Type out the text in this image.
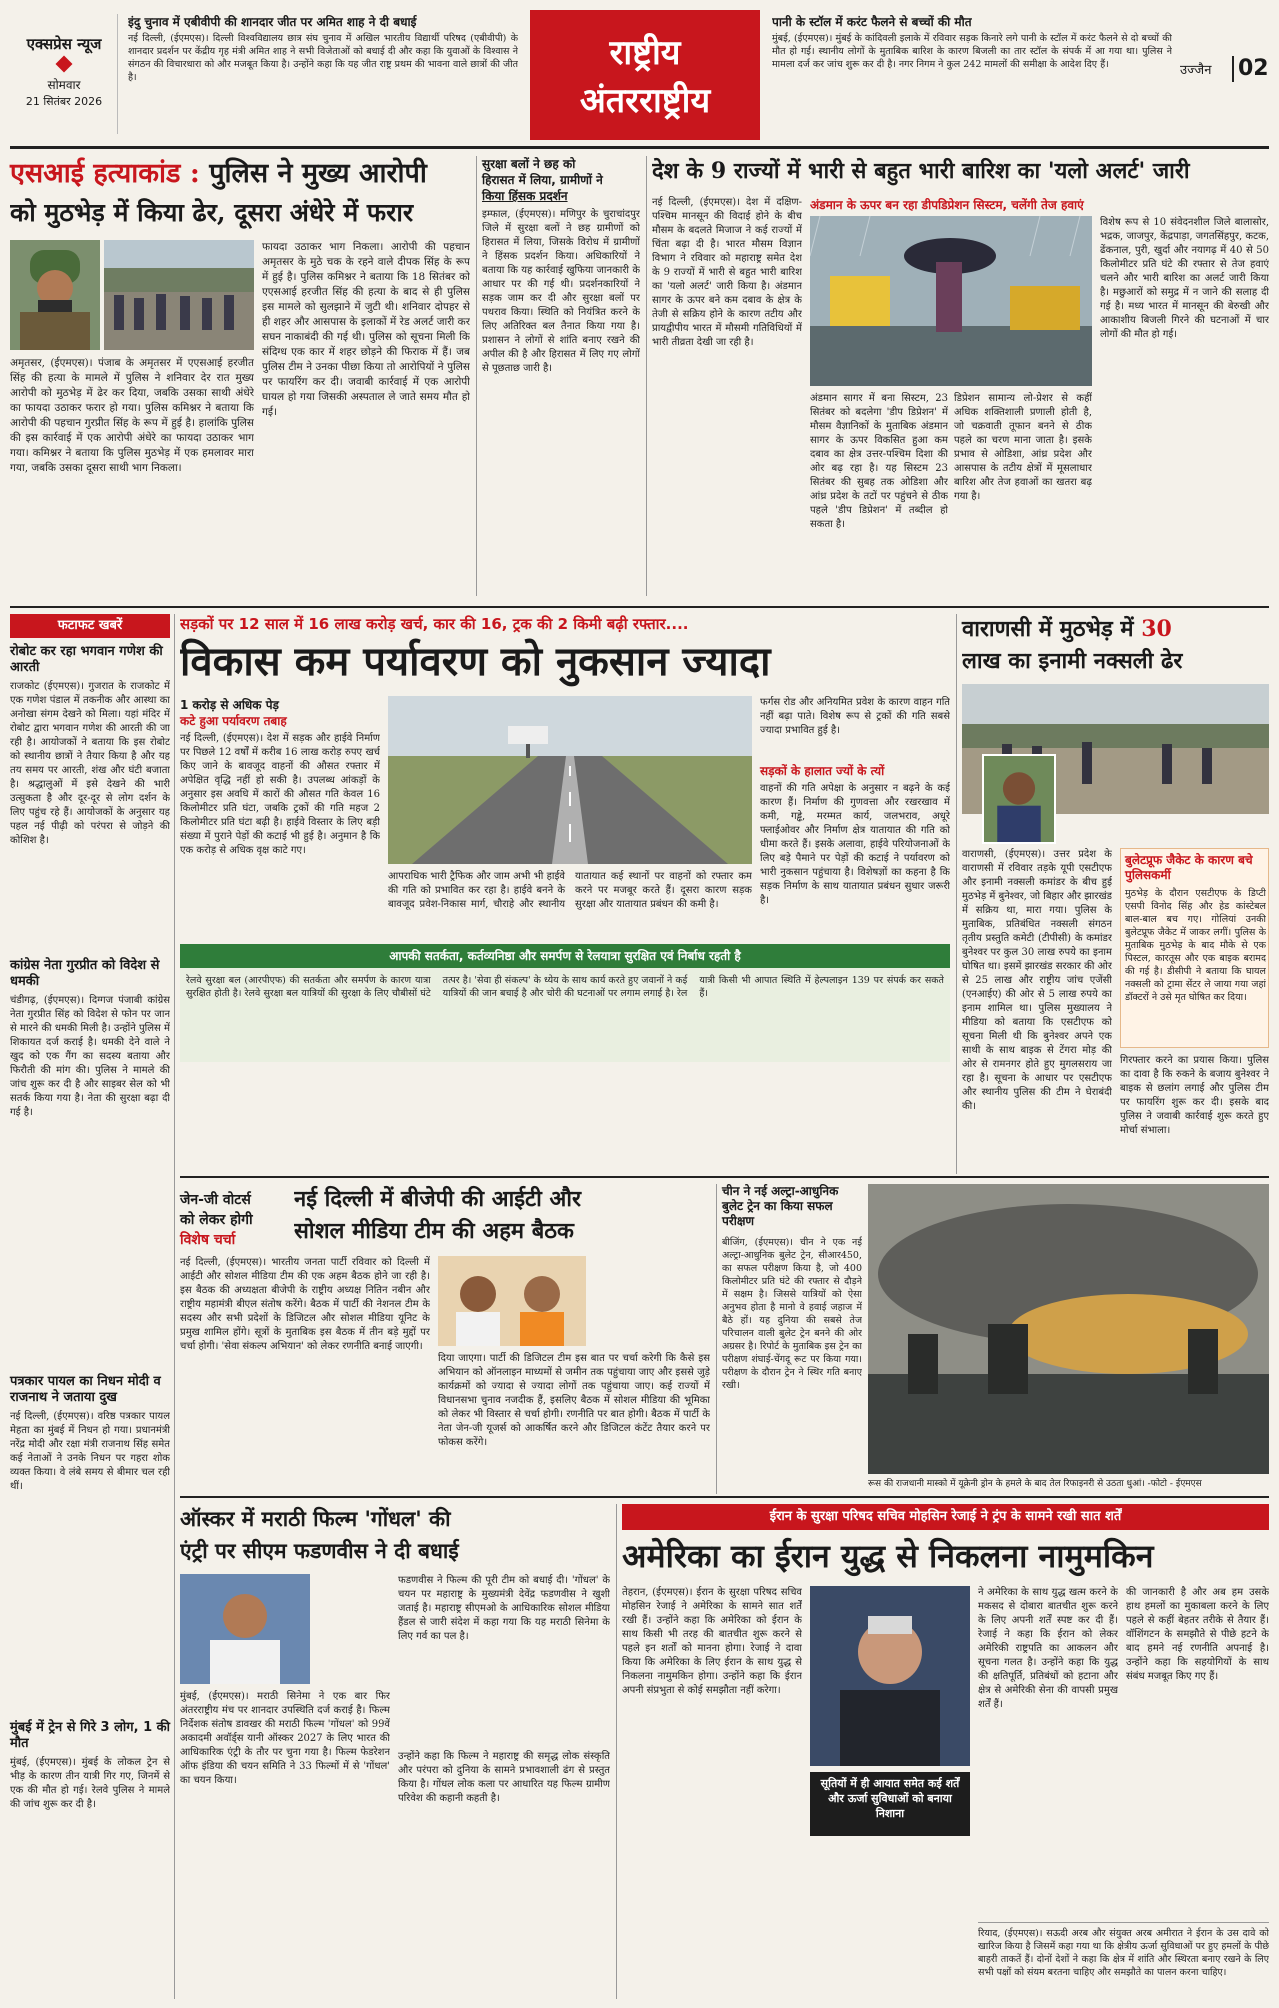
एक्सप्रेस न्यूज
सोमवार
21 सितंबर 2026
इंदु चुनाव में एबीवीपी की शानदार जीत पर अमित शाह ने दी बधाई
नई दिल्ली, (ईएमएस)। दिल्ली विश्वविद्यालय छात्र संघ चुनाव में अखिल भारतीय विद्यार्थी परिषद (एबीवीपी) के शानदार प्रदर्शन पर केंद्रीय गृह मंत्री अमित शाह ने सभी विजेताओं को बधाई दी और कहा कि युवाओं के विश्वास ने संगठन की विचारधारा को और मजबूत किया है। उन्होंने कहा कि यह जीत राष्ट्र प्रथम की भावना वाले छात्रों की जीत है।
राष्ट्रीय
अंतरराष्ट्रीय
पानी के स्टॉल में करंट फैलने से बच्चों की मौत
मुंबई, (ईएमएस)। मुंबई के कांदिवली इलाके में रविवार सड़क किनारे लगे पानी के स्टॉल में करंट फैलने से दो बच्चों की मौत हो गई। स्थानीय लोगों के मुताबिक बारिश के कारण बिजली का तार स्टॉल के संपर्क में आ गया था। पुलिस ने मामला दर्ज कर जांच शुरू कर दी है। नगर निगम ने कुल 242 मामलों की समीक्षा के आदेश दिए हैं।	उज्जैन 02
एसआई हत्याकांड : पुलिस ने मुख्य आरोपी
को मुठभेड़ में किया ढेर, दूसरा अंधेरे में फरार
अमृतसर, (ईएमएस)। पंजाब के अमृतसर में एएसआई हरजीत सिंह की हत्या के मामले में पुलिस ने शनिवार देर रात मुख्य आरोपी को मुठभेड़ में ढेर कर दिया, जबकि उसका साथी अंधेरे का फायदा उठाकर फरार हो गया। पुलिस कमिश्नर ने बताया कि आरोपी की पहचान गुरप्रीत सिंह के रूप में हुई है। हालांकि पुलिस की इस कार्रवाई में एक आरोपी अंधेरे का फायदा उठाकर भाग गया। कमिश्नर ने बताया कि पुलिस मुठभेड़ में एक हमलावर मारा गया, जबकि उसका दूसरा साथी भाग निकला।
फायदा उठाकर भाग निकला। आरोपी की पहचान अमृतसर के मुठे चक के रहने वाले दीपक सिंह के रूप में हुई है। पुलिस कमिश्नर ने बताया कि 18 सितंबर को एएसआई हरजीत सिंह की हत्या के बाद से ही पुलिस इस मामले को सुलझाने में जुटी थी। शनिवार दोपहर से ही शहर और आसपास के इलाकों में रेड अलर्ट जारी कर सघन नाकाबंदी की गई थी। पुलिस को सूचना मिली कि संदिग्ध एक कार में शहर छोड़ने की फिराक में हैं। जब पुलिस टीम ने उनका पीछा किया तो आरोपियों ने पुलिस पर फायरिंग कर दी। जवाबी कार्रवाई में एक आरोपी घायल हो गया जिसकी अस्पताल ले जाते समय मौत हो गई।
सुरक्षा बलों ने छह को
हिरासत में लिया, ग्रामीणों ने
किया हिंसक प्रदर्शन
इम्फाल, (ईएमएस)। मणिपुर के चुराचांदपुर जिले में सुरक्षा बलों ने छह ग्रामीणों को हिरासत में लिया, जिसके विरोध में ग्रामीणों ने हिंसक प्रदर्शन किया। अधिकारियों ने बताया कि यह कार्रवाई खुफिया जानकारी के आधार पर की गई थी। प्रदर्शनकारियों ने सड़क जाम कर दी और सुरक्षा बलों पर पथराव किया। स्थिति को नियंत्रित करने के लिए अतिरिक्त बल तैनात किया गया है। प्रशासन ने लोगों से शांति बनाए रखने की अपील की है और हिरासत में लिए गए लोगों से पूछताछ जारी है।
देश के 9 राज्यों में भारी से बहुत भारी बारिश का 'यलो अलर्ट' जारी
नई दिल्ली, (ईएमएस)। देश में दक्षिण-पश्चिम मानसून की विदाई होने के बीच मौसम के बदलते मिजाज ने कई राज्यों में चिंता बढ़ा दी है। भारत मौसम विज्ञान विभाग ने रविवार को महाराष्ट्र समेत देश के 9 राज्यों में भारी से बहुत भारी बारिश का 'यलो अलर्ट' जारी किया है। अंडमान सागर के ऊपर बने कम दबाव के क्षेत्र के तेजी से सक्रिय होने के कारण तटीय और प्रायद्वीपीय भारत में मौसमी गतिविधियों में भारी तीव्रता देखी जा रही है।
अंडमान के ऊपर बन रहा डीपडिप्रेशन सिस्टम, चलेंगी तेज हवाएं
अंडमान सागर में बना सिस्टम, 23 सितंबर को बदलेगा 'डीप डिप्रेशन' में मौसम वैज्ञानिकों के मुताबिक अंडमान सागर के ऊपर विकसित हुआ कम दबाव का क्षेत्र उत्तर-पश्चिम दिशा की ओर बढ़ रहा है। यह सिस्टम 23 सितंबर की सुबह तक ओडिशा और आंध्र प्रदेश के तटों पर पहुंचने से ठीक पहले 'डीप डिप्रेशन' में तब्दील हो सकता है।
डिप्रेशन सामान्य लो-प्रेशर से कहीं अधिक शक्तिशाली प्रणाली होती है, जो चक्रवाती तूफान बनने से ठीक पहले का चरण माना जाता है। इसके प्रभाव से ओडिशा, आंध्र प्रदेश और आसपास के तटीय क्षेत्रों में मूसलाधार बारिश और तेज हवाओं का खतरा बढ़ गया है।
विशेष रूप से 10 संवेदनशील जिले बालासोर, भद्रक, जाजपुर, केंद्रपाड़ा, जगतसिंहपुर, कटक, ढेंकनाल, पुरी, खुर्दा और नयागढ़ में 40 से 50 किलोमीटर प्रति घंटे की रफ्तार से तेज हवाएं चलने और भारी बारिश का अलर्ट जारी किया है। मछुआरों को समुद्र में न जाने की सलाह दी गई है। मध्य भारत में मानसून की बेरुखी और आकाशीय बिजली गिरने की घटनाओं में चार लोगों की मौत हो गई।
फटाफट खबरें
रोबोट कर रहा भगवान गणेश की आरती
राजकोट (ईएमएस)। गुजरात के राजकोट में एक गणेश पंडाल में तकनीक और आस्था का अनोखा संगम देखने को मिला। यहां मंदिर में रोबोट द्वारा भगवान गणेश की आरती की जा रही है। आयोजकों ने बताया कि इस रोबोट को स्थानीय छात्रों ने तैयार किया है और यह तय समय पर आरती, शंख और घंटी बजाता है। श्रद्धालुओं में इसे देखने की भारी उत्सुकता है और दूर-दूर से लोग दर्शन के लिए पहुंच रहे हैं। आयोजकों के अनुसार यह पहल नई पीढ़ी को परंपरा से जोड़ने की कोशिश है।
कांग्रेस नेता गुरप्रीत को विदेश से धमकी
चंडीगढ़, (ईएमएस)। दिग्गज पंजाबी कांग्रेस नेता गुरप्रीत सिंह को विदेश से फोन पर जान से मारने की धमकी मिली है। उन्होंने पुलिस में शिकायत दर्ज कराई है। धमकी देने वाले ने खुद को एक गैंग का सदस्य बताया और फिरौती की मांग की। पुलिस ने मामले की जांच शुरू कर दी है और साइबर सेल को भी सतर्क किया गया है। नेता की सुरक्षा बढ़ा दी गई है।
पत्रकार पायल का निधन मोदी व राजनाथ ने जताया दुख
नई दिल्ली, (ईएमएस)। वरिष्ठ पत्रकार पायल मेहता का मुंबई में निधन हो गया। प्रधानमंत्री नरेंद्र मोदी और रक्षा मंत्री राजनाथ सिंह समेत कई नेताओं ने उनके निधन पर गहरा शोक व्यक्त किया। वे लंबे समय से बीमार चल रही थीं।
मुंबई में ट्रेन से गिरे 3 लोग, 1 की मौत
मुंबई, (ईएमएस)। मुंबई के लोकल ट्रेन से भीड़ के कारण तीन यात्री गिर गए, जिनमें से एक की मौत हो गई। रेलवे पुलिस ने मामले की जांच शुरू कर दी है।
सड़कों पर 12 साल में 16 लाख करोड़ खर्च, कार की 16, ट्रक की 2 किमी बढ़ी रफ्तार....
विकास कम पर्यावरण को नुकसान ज्यादा
1 करोड़ से अधिक पेड़
कटे हुआ पर्यावरण तबाह
नई दिल्ली, (ईएमएस)। देश में सड़क और हाईवे निर्माण पर पिछले 12 वर्षों में करीब 16 लाख करोड़ रुपए खर्च किए जाने के बावजूद वाहनों की औसत रफ्तार में अपेक्षित वृद्धि नहीं हो सकी है। उपलब्ध आंकड़ों के अनुसार इस अवधि में कारों की औसत गति केवल 16 किलोमीटर प्रति घंटा, जबकि ट्रकों की गति महज 2 किलोमीटर प्रति घंटा बढ़ी है। हाईवे विस्तार के लिए बड़ी संख्या में पुराने पेड़ों की कटाई भी हुई है। अनुमान है कि एक करोड़ से अधिक वृक्ष काटे गए।
आपराधिक भारी ट्रैफिक और जाम अभी भी हाईवे की गति को प्रभावित कर रहा है। हाईवे बनने के बावजूद प्रवेश-निकास मार्ग, चौराहे और स्थानीय यातायात कई स्थानों पर वाहनों को रफ्तार कम करने पर मजबूर करते हैं। दूसरा कारण सड़क सुरक्षा और यातायात प्रबंधन की कमी है।
फर्गस रोड और अनियमित प्रवेश के कारण वाहन गति नहीं बढ़ा पाते। विशेष रूप से ट्रकों की गति सबसे ज्यादा प्रभावित हुई है।
सड़कों के हालात ज्यों के त्यों
वाहनों की गति अपेक्षा के अनुसार न बढ़ने के कई कारण हैं। निर्माण की गुणवत्ता और रखरखाव में कमी, गड्ढे, मरम्मत कार्य, जलभराव, अधूरे फ्लाईओवर और निर्माण क्षेत्र यातायात की गति को धीमा करते हैं। इसके अलावा, हाईवे परियोजनाओं के लिए बड़े पैमाने पर पेड़ों की कटाई ने पर्यावरण को भारी नुकसान पहुंचाया है। विशेषज्ञों का कहना है कि सड़क निर्माण के साथ यातायात प्रबंधन सुधार जरूरी है।
आपकी सतर्कता, कर्तव्यनिष्ठा और समर्पण से रेलयात्रा सुरक्षित एवं निर्बाध रहती है
रेलवे सुरक्षा बल (आरपीएफ) की सतर्कता और समर्पण के कारण यात्रा सुरक्षित होती है। रेलवे सुरक्षा बल यात्रियों की सुरक्षा के लिए चौबीसों घंटे तत्पर है। 'सेवा ही संकल्प' के ध्येय के साथ कार्य करते हुए जवानों ने कई यात्रियों की जान बचाई है और चोरी की घटनाओं पर लगाम लगाई है। रेल यात्री किसी भी आपात स्थिति में हेल्पलाइन 139 पर संपर्क कर सकते हैं।
वाराणसी में मुठभेड़ में 30
लाख का इनामी नक्सली ढेर
वाराणसी, (ईएमएस)। उत्तर प्रदेश के वाराणसी में रविवार तड़के यूपी एसटीएफ और इनामी नक्सली कमांडर के बीच हुई मुठभेड़ में बुनेश्वर, जो बिहार और झारखंड में सक्रिय था, मारा गया। पुलिस के मुताबिक, प्रतिबंधित नक्सली संगठन तृतीय प्रस्तुति कमेटी (टीपीसी) के कमांडर बुनेश्वर पर कुल 30 लाख रुपये का इनाम घोषित था। इसमें झारखंड सरकार की ओर से 25 लाख और राष्ट्रीय जांच एजेंसी (एनआईए) की ओर से 5 लाख रुपये का इनाम शामिल था। पुलिस मुख्यालय ने मीडिया को बताया कि एसटीएफ को सूचना मिली थी कि बुनेश्वर अपने एक साथी के साथ बाइक से टेंगरा मोड़ की ओर से रामनगर होते हुए मुगलसराय जा रहा है। सूचना के आधार पर एसटीएफ और स्थानीय पुलिस की टीम ने घेराबंदी की।
बुलेटप्रूफ जैकेट के कारण बचे पुलिसकर्मी
मुठभेड़ के दौरान एसटीएफ के डिप्टी एसपी विनोद सिंह और हेड कांस्टेबल बाल-बाल बच गए। गोलियां उनकी बुलेटप्रूफ जैकेट में जाकर लगीं। पुलिस के मुताबिक मुठभेड़ के बाद मौके से एक पिस्टल, कारतूस और एक बाइक बरामद की गई है। डीसीपी ने बताया कि घायल नक्सली को ट्रामा सेंटर ले जाया गया जहां डॉक्टरों ने उसे मृत घोषित कर दिया।
गिरफ्तार करने का प्रयास किया। पुलिस का दावा है कि रुकने के बजाय बुनेश्वर ने बाइक से छलांग लगाई और पुलिस टीम पर फायरिंग शुरू कर दी। इसके बाद पुलिस ने जवाबी कार्रवाई शुरू करते हुए मोर्चा संभाला।
जेन-जी वोटर्स
को लेकर होगी
विशेष चर्चा
नई दिल्ली में बीजेपी की आईटी और
सोशल मीडिया टीम की अहम बैठक
नई दिल्ली, (ईएमएस)। भारतीय जनता पार्टी रविवार को दिल्ली में आईटी और सोशल मीडिया टीम की एक अहम बैठक होने जा रही है। इस बैठक की अध्यक्षता बीजेपी के राष्ट्रीय अध्यक्ष नितिन नबीन और राष्ट्रीय महामंत्री बीएल संतोष करेंगे। बैठक में पार्टी की नेशनल टीम के सदस्य और सभी प्रदेशों के डिजिटल और सोशल मीडिया यूनिट के प्रमुख शामिल होंगे। सूत्रों के मुताबिक इस बैठक में तीन बड़े मुद्दों पर चर्चा होगी। 'सेवा संकल्प अभियान' को लेकर रणनीति बनाई जाएगी।
दिया जाएगा। पार्टी की डिजिटल टीम इस बात पर चर्चा करेगी कि कैसे इस अभियान को ऑनलाइन माध्यमों से जमीन तक पहुंचाया जाए और इससे जुड़े कार्यक्रमों को ज्यादा से ज्यादा लोगों तक पहुंचाया जाए। कई राज्यों में विधानसभा चुनाव नजदीक हैं, इसलिए बैठक में सोशल मीडिया की भूमिका को लेकर भी विस्तार से चर्चा होगी। रणनीति पर बात होगी। बैठक में पार्टी के नेता जेन-जी यूजर्स को आकर्षित करने और डिजिटल कंटेंट तैयार करने पर फोकस करेंगे।
चीन ने नई अल्ट्रा-आधुनिक बुलेट ट्रेन का किया सफल परीक्षण
बीजिंग, (ईएमएस)। चीन ने एक नई अल्ट्रा-आधुनिक बुलेट ट्रेन, सीआर450, का सफल परीक्षण किया है, जो 400 किलोमीटर प्रति घंटे की रफ्तार से दौड़ने में सक्षम है। जिससे यात्रियों को ऐसा अनुभव होता है मानो वे हवाई जहाज में बैठे हों। यह दुनिया की सबसे तेज परिचालन वाली बुलेट ट्रेन बनने की ओर अग्रसर है। रिपोर्ट के मुताबिक इस ट्रेन का परीक्षण शंघाई-चेंगदू रूट पर किया गया। परीक्षण के दौरान ट्रेन ने स्थिर गति बनाए रखी।
रूस की राजधानी मास्को में यूक्रेनी ड्रोन के हमले के बाद तेल रिफाइनरी से उठता धुआं। -फोटो - ईएमएस
ऑस्कर में मराठी फिल्म 'गोंधल' की
एंट्री पर सीएम फडणवीस ने दी बधाई
मुंबई, (ईएमएस)। मराठी सिनेमा ने एक बार फिर अंतरराष्ट्रीय मंच पर शानदार उपस्थिति दर्ज कराई है। फिल्म निर्देशक संतोष डावखर की मराठी फिल्म 'गोंधल' को 99वें अकादमी अवॉर्ड्स यानी ऑस्कर 2027 के लिए भारत की आधिकारिक एंट्री के तौर पर चुना गया है। फिल्म फेडरेशन ऑफ इंडिया की चयन समिति ने 33 फिल्मों में से 'गोंधल' का चयन किया।
फडणवीस ने फिल्म की पूरी टीम को बधाई दी। 'गोंधल' के चयन पर महाराष्ट्र के मुख्यमंत्री देवेंद्र फडणवीस ने खुशी जताई है। महाराष्ट्र सीएमओ के आधिकारिक सोशल मीडिया हैंडल से जारी संदेश में कहा गया कि यह मराठी सिनेमा के लिए गर्व का पल है।
उन्होंने कहा कि फिल्म ने महाराष्ट्र की समृद्ध लोक संस्कृति और परंपरा को दुनिया के सामने प्रभावशाली ढंग से प्रस्तुत किया है। गोंधल लोक कला पर आधारित यह फिल्म ग्रामीण परिवेश की कहानी कहती है।
ईरान के सुरक्षा परिषद सचिव मोहसिन रेजाई ने ट्रंप के सामने रखी सात शर्तें
अमेरिका का ईरान युद्ध से निकलना नामुमकिन
तेहरान, (ईएमएस)। ईरान के सुरक्षा परिषद सचिव मोहसिन रेजाई ने अमेरिका के सामने सात शर्तें रखी हैं। उन्होंने कहा कि अमेरिका को ईरान के साथ किसी भी तरह की बातचीत शुरू करने से पहले इन शर्तों को मानना होगा। रेजाई ने दावा किया कि अमेरिका के लिए ईरान के साथ युद्ध से निकलना नामुमकिन होगा। उन्होंने कहा कि ईरान अपनी संप्रभुता से कोई समझौता नहीं करेगा।
सूतियों में ही आयात समेत कई शर्तें और ऊर्जा सुविधाओं को बनाया निशाना
ने अमेरिका के साथ युद्ध खत्म करने के मकसद से दोबारा बातचीत शुरू करने के लिए अपनी शर्तें स्पष्ट कर दी हैं। रेजाई ने कहा कि ईरान को लेकर अमेरिकी राष्ट्रपति का आकलन और सूचना गलत है। उन्होंने कहा कि युद्ध की क्षतिपूर्ति, प्रतिबंधों को हटाना और क्षेत्र से अमेरिकी सेना की वापसी प्रमुख शर्तें हैं।
की जानकारी है और अब हम उसके हाथ हमलों का मुकाबला करने के लिए पहले से कहीं बेहतर तरीके से तैयार हैं। वॉशिंगटन के समझौते से पीछे हटने के बाद हमने नई रणनीति अपनाई है। उन्होंने कहा कि सहयोगियों के साथ संबंध मजबूत किए गए हैं।
रियाद, (ईएमएस)। सऊदी अरब और संयुक्त अरब अमीरात ने ईरान के उस दावे को खारिज किया है जिसमें कहा गया था कि क्षेत्रीय ऊर्जा सुविधाओं पर हुए हमलों के पीछे बाहरी ताकतें हैं। दोनों देशों ने कहा कि क्षेत्र में शांति और स्थिरता बनाए रखने के लिए सभी पक्षों को संयम बरतना चाहिए और समझौते का पालन करना चाहिए।
